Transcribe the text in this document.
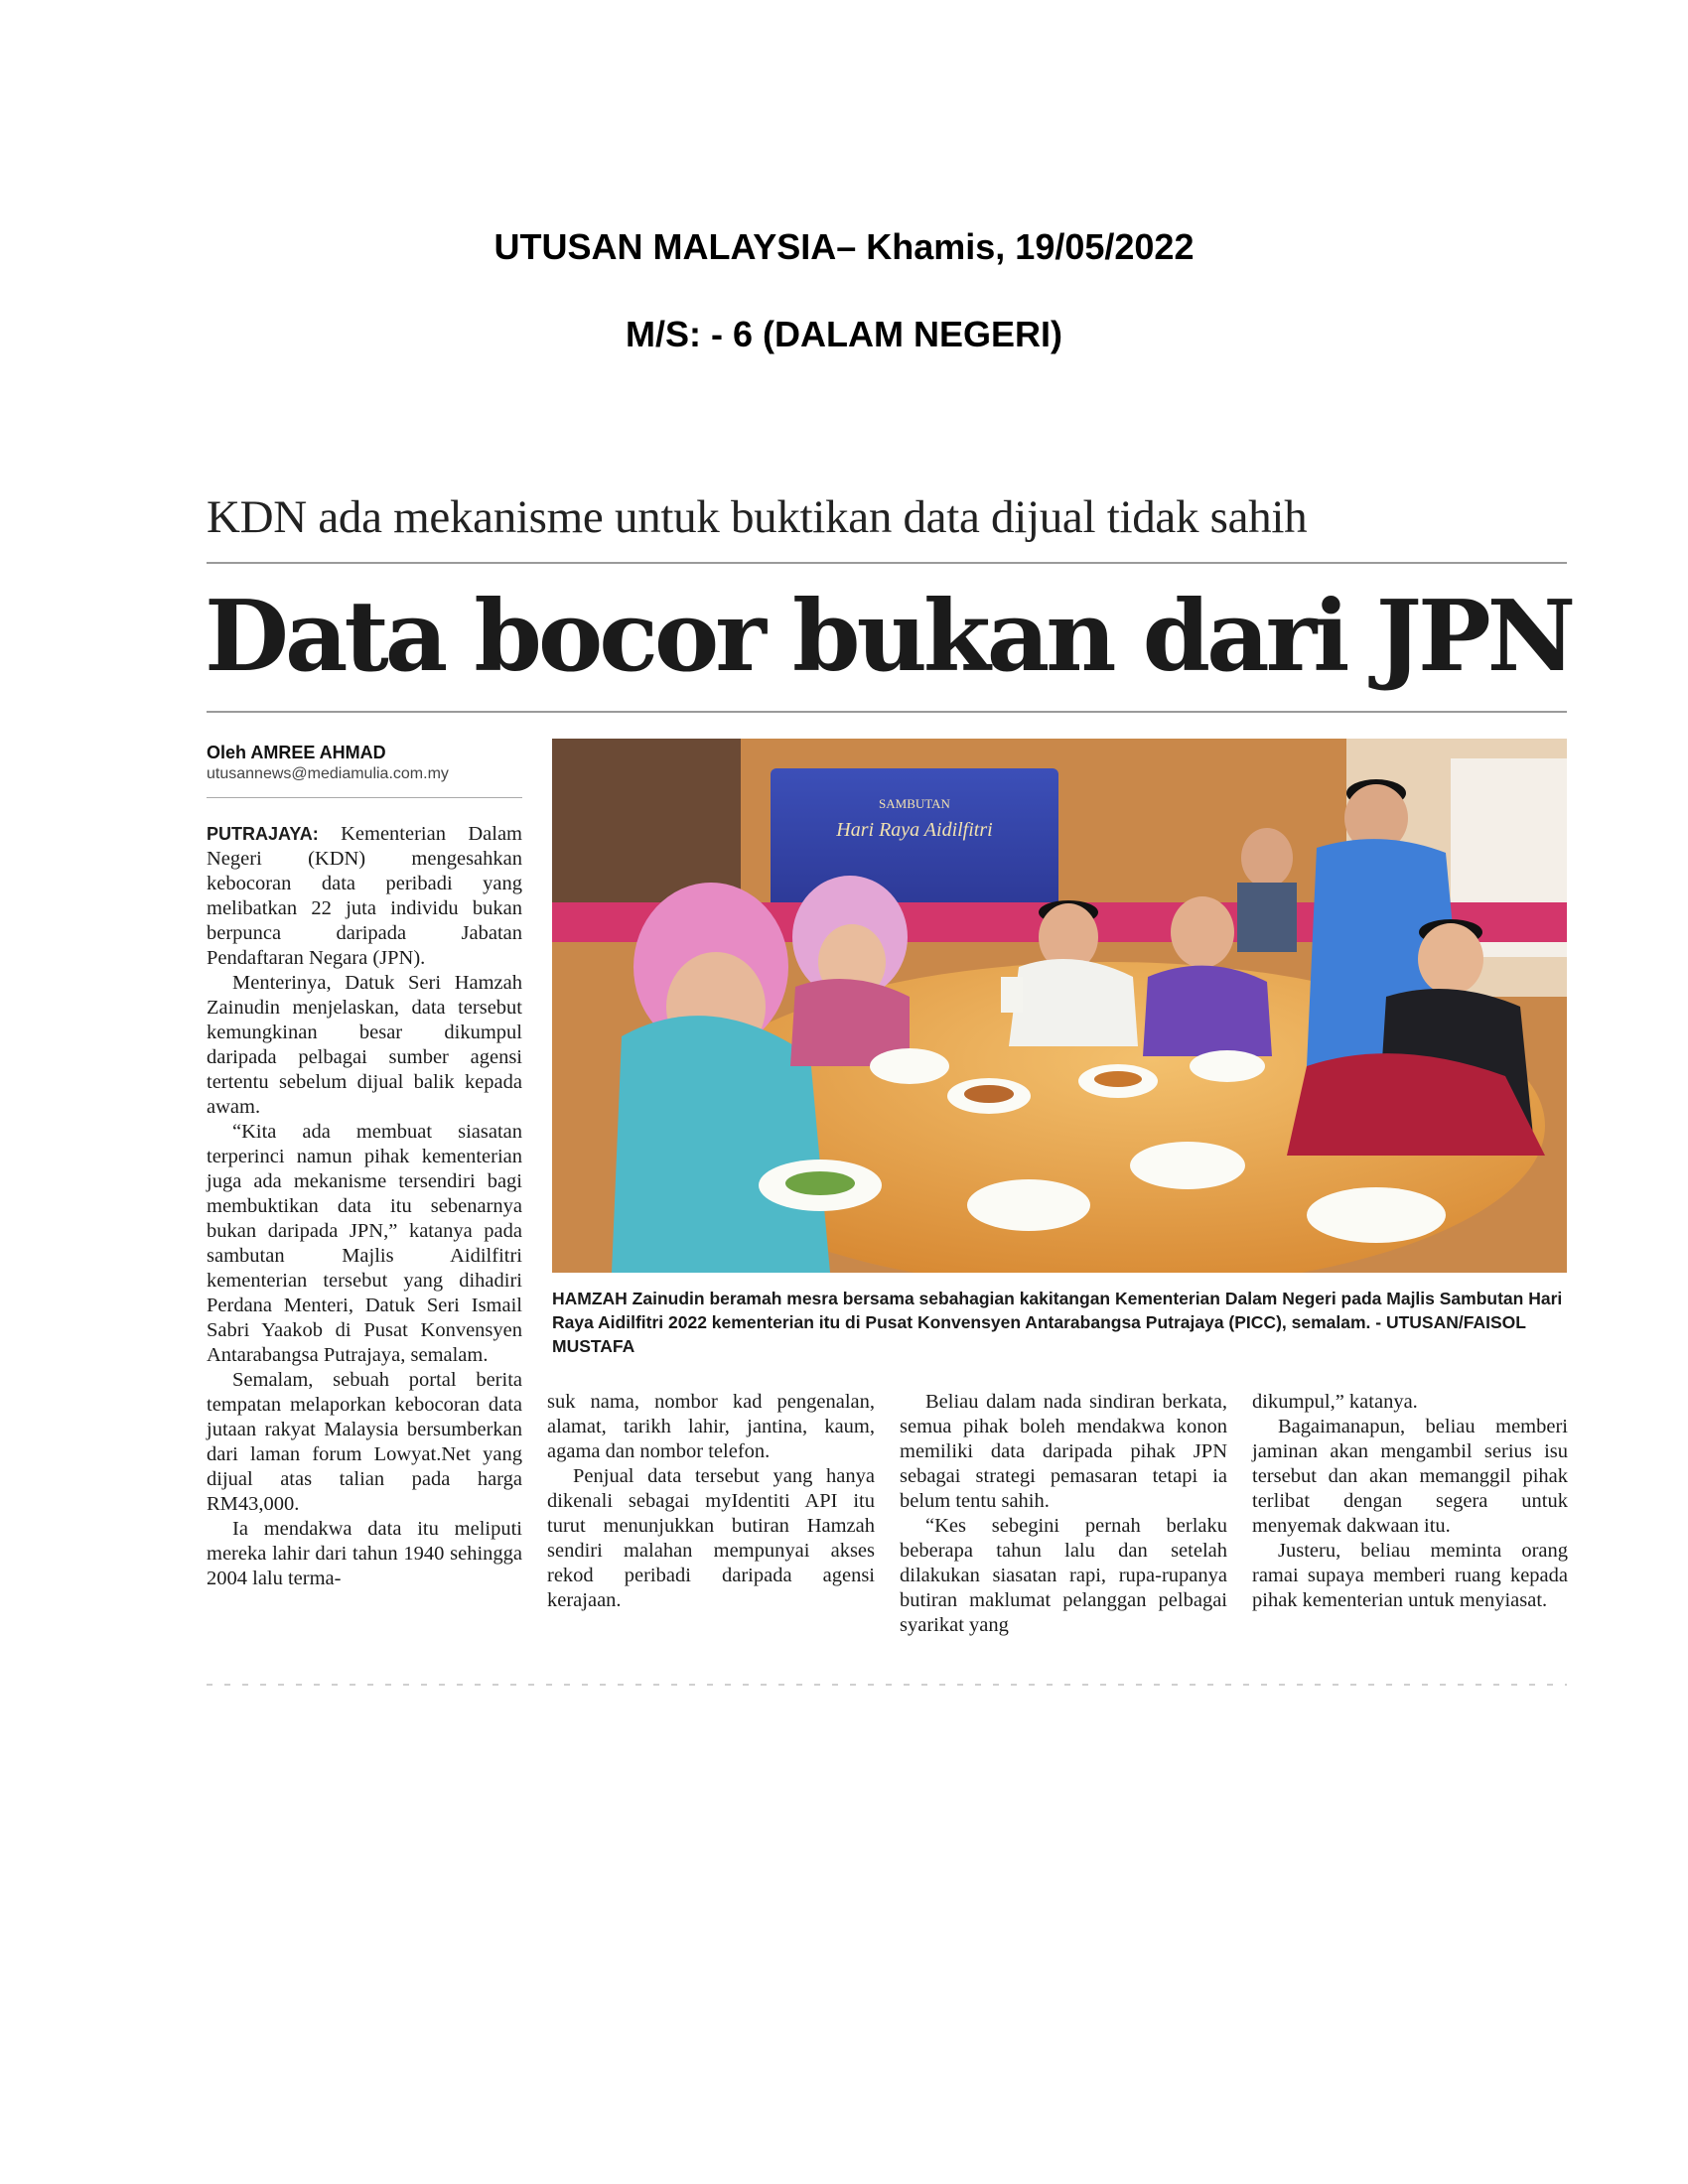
UTUSAN MALAYSIA– Khamis, 19/05/2022
M/S: - 6 (DALAM NEGERI)
KDN ada mekanisme untuk buktikan data dijual tidak sahih
Data bocor bukan dari JPN
Oleh AMREE AHMAD
utusannews@mediamulia.com.my

PUTRAJAYA: Kementerian Dalam Negeri (KDN) mengesahkan kebocoran data peribadi yang melibatkan 22 juta individu bukan berpunca daripada Jabatan Pendaftaran Negara (JPN).

Menterinya, Datuk Seri Hamzah Zainudin menjelaskan, data tersebut kemungkinan besar dikumpul daripada pelbagai sumber agensi tertentu sebelum dijual balik kepada awam.

“Kita ada membuat siasatan terperinci namun pihak kementerian juga ada mekanisme tersendiri bagi membuktikan data itu sebenarnya bukan daripada JPN,” katanya pada sambutan Majlis Aidilfitri kementerian tersebut yang dihadiri Perdana Menteri, Datuk Seri Ismail Sabri Yaakob di Pusat Konvensyen Antarabangsa Putrajaya, semalam.

Semalam, sebuah portal berita tempatan melaporkan kebocoran data jutaan rakyat Malaysia bersumberkan dari laman forum Lowyat.Net yang dijual atas talian pada harga RM43,000.

Ia mendakwa data itu meliputi mereka lahir dari tahun 1940 sehingga 2004 lalu terma-

SAMBUTAN
Hari Raya Aidilfitri
HAMZAH Zainudin beramah mesra bersama sebahagian kakitangan Kementerian Dalam Negeri pada Majlis Sambutan Hari Raya Aidilfitri 2022 kementerian itu di Pusat Konvensyen Antarabangsa Putrajaya (PICC), semalam. - UTUSAN/FAISOL MUSTAFA

suk nama, nombor kad pengenalan, alamat, tarikh lahir, jantina, kaum, agama dan nombor telefon.

Penjual data tersebut yang hanya dikenali sebagai myIdentiti API itu turut menunjukkan butiran Hamzah sendiri malahan mempunyai akses rekod peribadi daripada agensi kerajaan.

Beliau dalam nada sindiran berkata, semua pihak boleh mendakwa konon memiliki data daripada pihak JPN sebagai strategi pemasaran tetapi ia belum tentu sahih.

“Kes sebegini pernah berlaku beberapa tahun lalu dan setelah dilakukan siasatan rapi, rupa-rupanya butiran maklumat pelanggan pelbagai syarikat yang

dikumpul,” katanya.

Bagaimanapun, beliau memberi jaminan akan mengambil serius isu tersebut dan akan memanggil pihak terlibat dengan segera untuk menyemak dakwaan itu.

Justeru, beliau meminta orang ramai supaya memberi ruang kepada pihak kementerian untuk menyiasat.
